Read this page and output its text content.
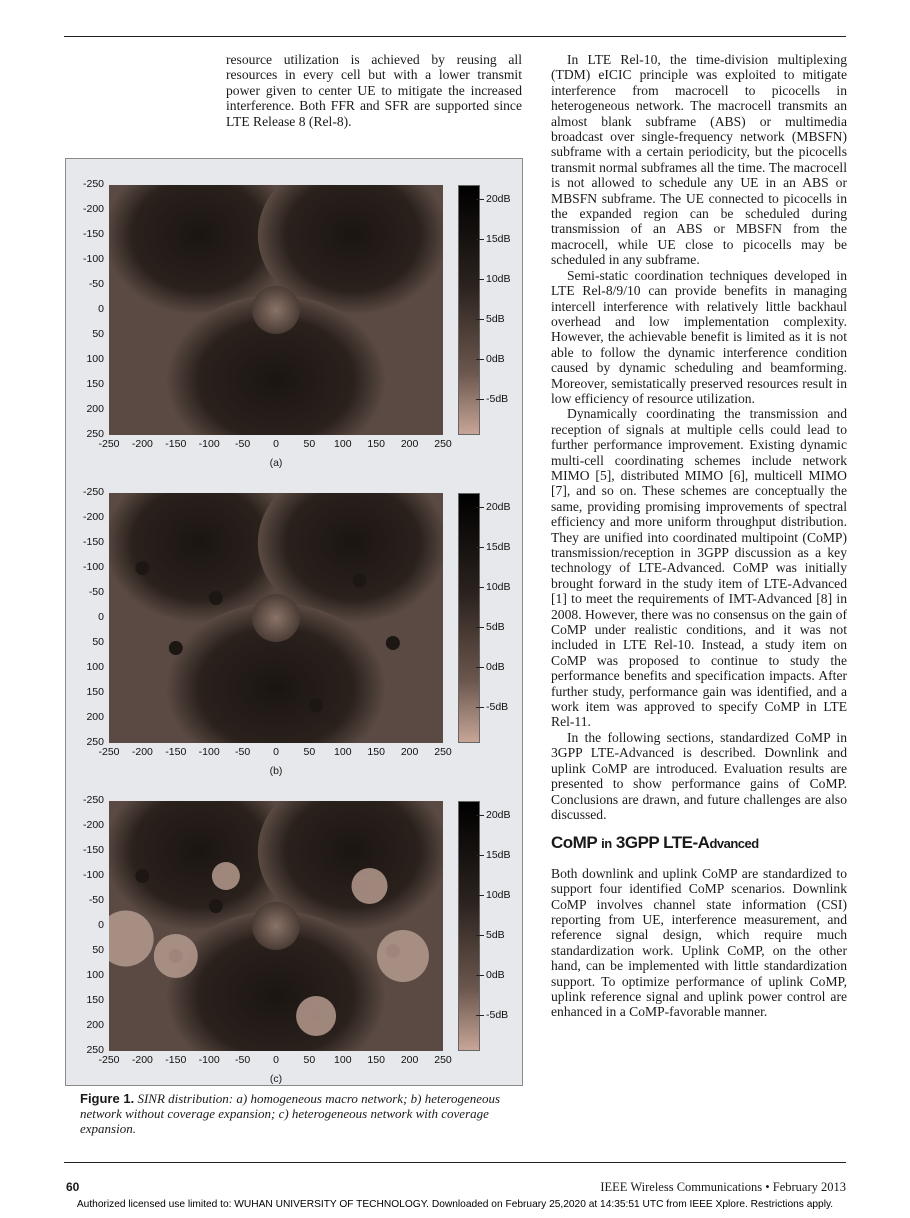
resource utilization is achieved by reusing all resources in every cell but with a lower transmit power given to center UE to mitigate the increased interference. Both FFR and SFR are supported since LTE Release 8 (Rel-8).

-250
-200
-150
-100
-50
0
50
100
150
200
250
-250	-200	-150	-100	-50	0	50	100	150	200	250
20dB
15dB
10dB
5dB
0dB
-5dB
(a)
-250
-200
-150
-100
-50
0
50
100
150
200
250
-250	-200	-150	-100	-50	0	50	100	150	200	250
20dB
15dB
10dB
5dB
0dB
-5dB
(b)
-250
-200
-150
-100
-50
0
50
100
150
200
250
-250	-200	-150	-100	-50	0	50	100	150	200	250
20dB
15dB
10dB
5dB
0dB
-5dB
(c)
Figure 1. SINR distribution: a) homogeneous macro network; b) heterogeneous network without coverage expansion; c) heterogeneous network with coverage expansion.

In LTE Rel-10, the time-division multiplexing (TDM) eICIC principle was exploited to mitigate interference from macrocell to picocells in heterogeneous network. The macrocell transmits an almost blank subframe (ABS) or multimedia broadcast over single-frequency network (MBSFN) subframe with a certain periodicity, but the picocells transmit normal subframes all the time. The macrocell is not allowed to schedule any UE in an ABS or MBSFN subframe. The UE connected to picocells in the expanded region can be scheduled during transmission of an ABS or MBSFN from the macrocell, while UE close to picocells may be scheduled in any subframe.

Semi-static coordination techniques developed in LTE Rel-8/9/10 can provide benefits in managing intercell interference with relatively little backhaul overhead and low implementation complexity. However, the achievable benefit is limited as it is not able to follow the dynamic interference condition caused by dynamic scheduling and beamforming. Moreover, semistatically preserved resources result in low efficiency of resource utilization.

Dynamically coordinating the transmission and reception of signals at multiple cells could lead to further performance improvement. Existing dynamic multi-cell coordinating schemes include network MIMO [5], distributed MIMO [6], multicell MIMO [7], and so on. These schemes are conceptually the same, providing promising improvements of spectral efficiency and more uniform throughput distribution. They are unified into coordinated multipoint (CoMP) transmission/reception in 3GPP discussion as a key technology of LTE-Advanced. CoMP was initially brought forward in the study item of LTE-Advanced [1] to meet the requirements of IMT-Advanced [8] in 2008. However, there was no consensus on the gain of CoMP under realistic conditions, and it was not included in LTE Rel-10. Instead, a study item on CoMP was proposed to continue to study the performance benefits and specification impacts. After further study, performance gain was identified, and a work item was approved to specify CoMP in LTE Rel-11.

In the following sections, standardized CoMP in 3GPP LTE-Advanced is described. Downlink and uplink CoMP are introduced. Evaluation results are presented to show performance gains of CoMP. Conclusions are drawn, and future challenges are also discussed.

CoMP in 3GPP LTE-Advanced

Both downlink and uplink CoMP are standardized to support four identified CoMP scenarios. Downlink CoMP involves channel state information (CSI) reporting from UE, interference measurement, and reference signal design, which require much standardization work. Uplink CoMP, on the other hand, can be implemented with little standardization support. To optimize performance of uplink CoMP, uplink reference signal and uplink power control are enhanced in a CoMP-favorable manner.

60	IEEE Wireless Communications • February 2013
Authorized licensed use limited to: WUHAN UNIVERSITY OF TECHNOLOGY. Downloaded on February 25,2020 at 14:35:51 UTC from IEEE Xplore. Restrictions apply.
